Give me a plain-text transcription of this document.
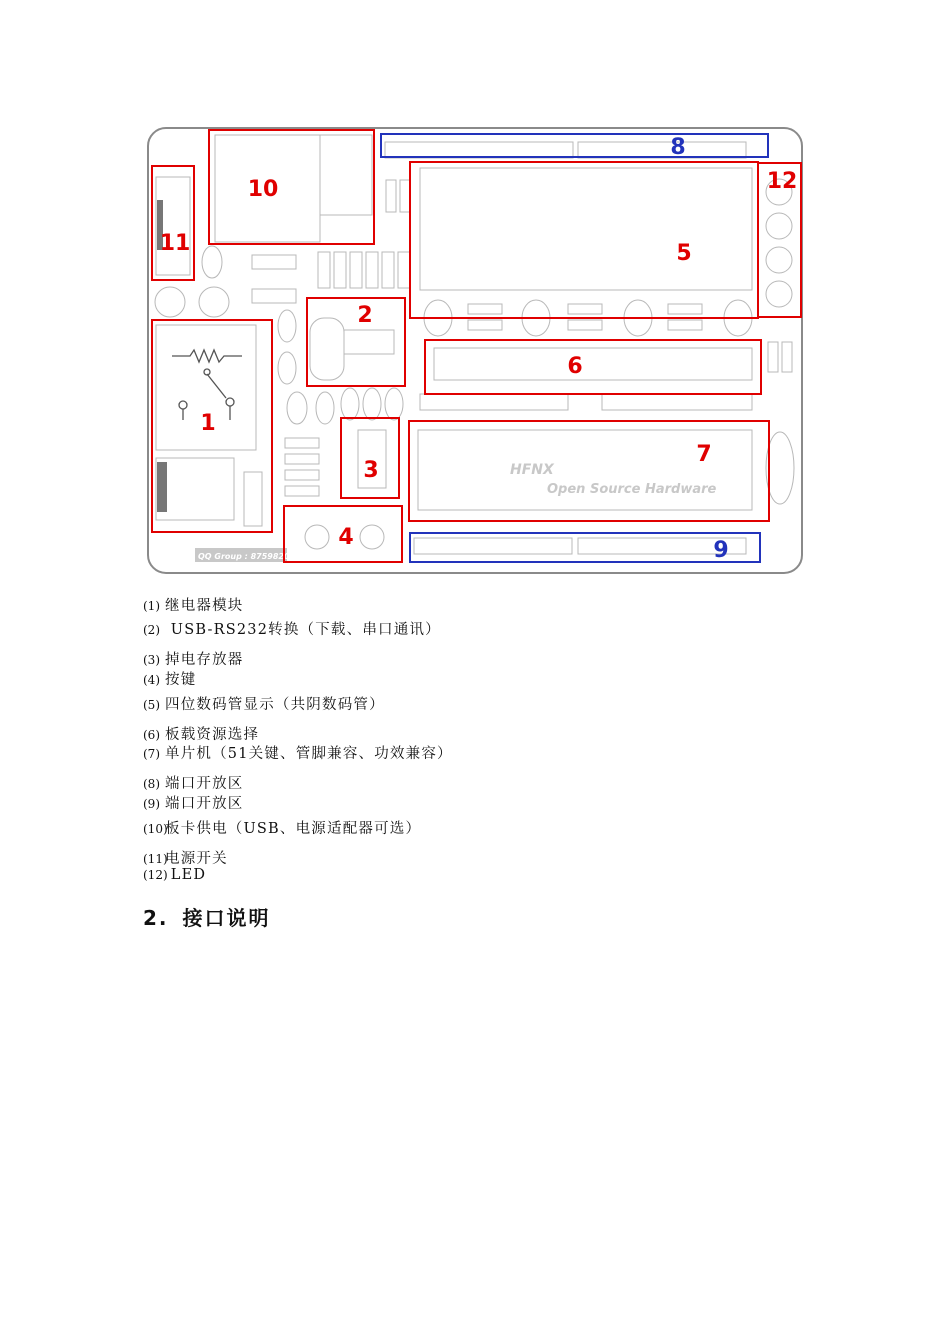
HFNX
Open Source Hardware
QQ Group : 87598201
1
2
3
4
5
6
7
8
9
10
11
12
(1) 继电器模块
(2) USB-RS232转换（下载、串口通讯）
(3) 掉电存放器
(4) 按键
(5) 四位数码管显示（共阴数码管）
(6) 板载资源选择
(7) 单片机（51关键、管脚兼容、功效兼容）
(8) 端口开放区
(9) 端口开放区
(10)板卡供电（USB、电源适配器可选）
(11)电源开关
(12) LED
2. 接口说明
